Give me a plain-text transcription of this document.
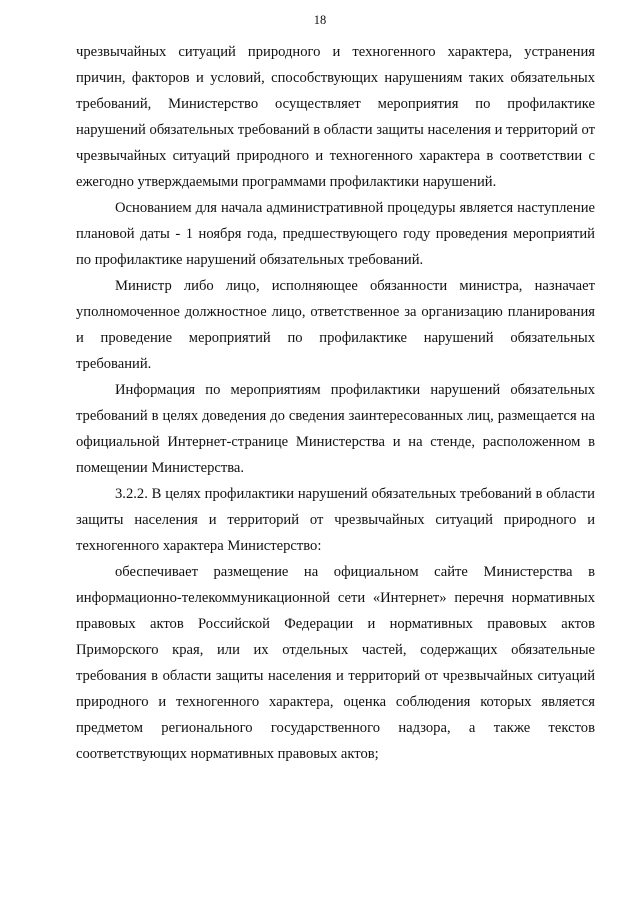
18

чрезвычайных ситуаций природного и техногенного характера, устранения причин, факторов и условий, способствующих нарушениям таких обязательных требований, Министерство осуществляет мероприятия по профилактике нарушений обязательных требований в области защиты населения и территорий от чрезвычайных ситуаций природного и техногенного характера в соответствии с ежегодно утверждаемыми программами профилактики нарушений.

Основанием для начала административной процедуры является наступление плановой даты - 1 ноября года, предшествующего году проведения мероприятий по профилактике нарушений обязательных требований.

Министр либо лицо, исполняющее обязанности министра, назначает уполномоченное должностное лицо, ответственное за организацию планирования и проведение мероприятий по профилактике нарушений обязательных требований.

Информация по мероприятиям профилактики нарушений обязательных требований в целях доведения до сведения заинтересованных лиц, размещается на официальной Интернет-странице Министерства и на стенде, расположенном в помещении Министерства.

3.2.2. В целях профилактики нарушений обязательных требований в области защиты населения и территорий от чрезвычайных ситуаций природного и техногенного характера Министерство:

обеспечивает размещение на официальном сайте Министерства в информационно-телекоммуникационной сети «Интернет» перечня нормативных правовых актов Российской Федерации и нормативных правовых актов Приморского края, или их отдельных частей, содержащих обязательные требования в области защиты населения и территорий от чрезвычайных ситуаций природного и техногенного характера, оценка соблюдения которых является предметом регионального государственного надзора, а также текстов соответствующих нормативных правовых актов;
